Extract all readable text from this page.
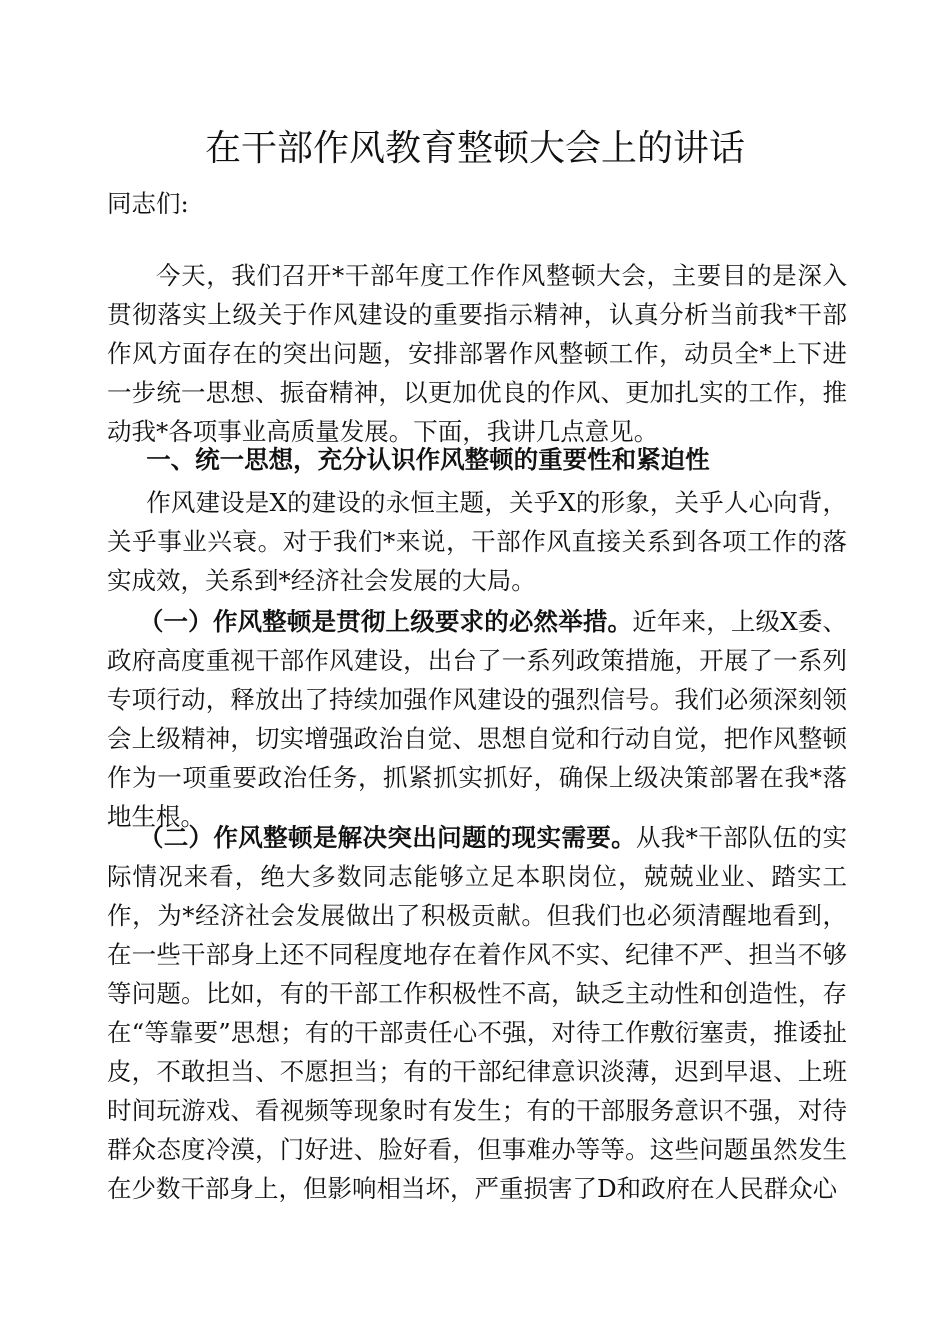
在干部作风教育整顿大会上的讲话

同志们:

今天，我们召开*干部年度工作作风整顿大会，主要目的是深入贯彻落实上级关于作风建设的重要指示精神，认真分析当前我*干部作风方面存在的突出问题，安排部署作风整顿工作，动员全*上下进一步统一思想、振奋精神，以更加优良的作风、更加扎实的工作，推动我*各项事业高质量发展。下面，我讲几点意见。

一、统一思想，充分认识作风整顿的重要性和紧迫性

作风建设是X的建设的永恒主题，关乎X的形象，关乎人心向背，关乎事业兴衰。对于我们*来说，干部作风直接关系到各项工作的落实成效，关系到*经济社会发展的大局。

（一）作风整顿是贯彻上级要求的必然举措。近年来，上级X委、政府高度重视干部作风建设，出台了一系列政策措施，开展了一系列专项行动，释放出了持续加强作风建设的强烈信号。我们必须深刻领会上级精神，切实增强政治自觉、思想自觉和行动自觉，把作风整顿作为一项重要政治任务，抓紧抓实抓好，确保上级决策部署在我*落地生根。

（二）作风整顿是解决突出问题的现实需要。从我*干部队伍的实际情况来看，绝大多数同志能够立足本职岗位，兢兢业业、踏实工作，为*经济社会发展做出了积极贡献。但我们也必须清醒地看到，在一些干部身上还不同程度地存在着作风不实、纪律不严、担当不够等问题。比如，有的干部工作积极性不高，缺乏主动性和创造性，存在“等靠要”思想；有的干部责任心不强，对待工作敷衍塞责，推诿扯皮，不敢担当、不愿担当；有的干部纪律意识淡薄，迟到早退、上班时间玩游戏、看视频等现象时有发生；有的干部服务意识不强，对待群众态度冷漠，门好进、脸好看，但事难办等等。这些问题虽然发生在少数干部身上，但影响相当坏，严重损害了D和政府在人民群众心
